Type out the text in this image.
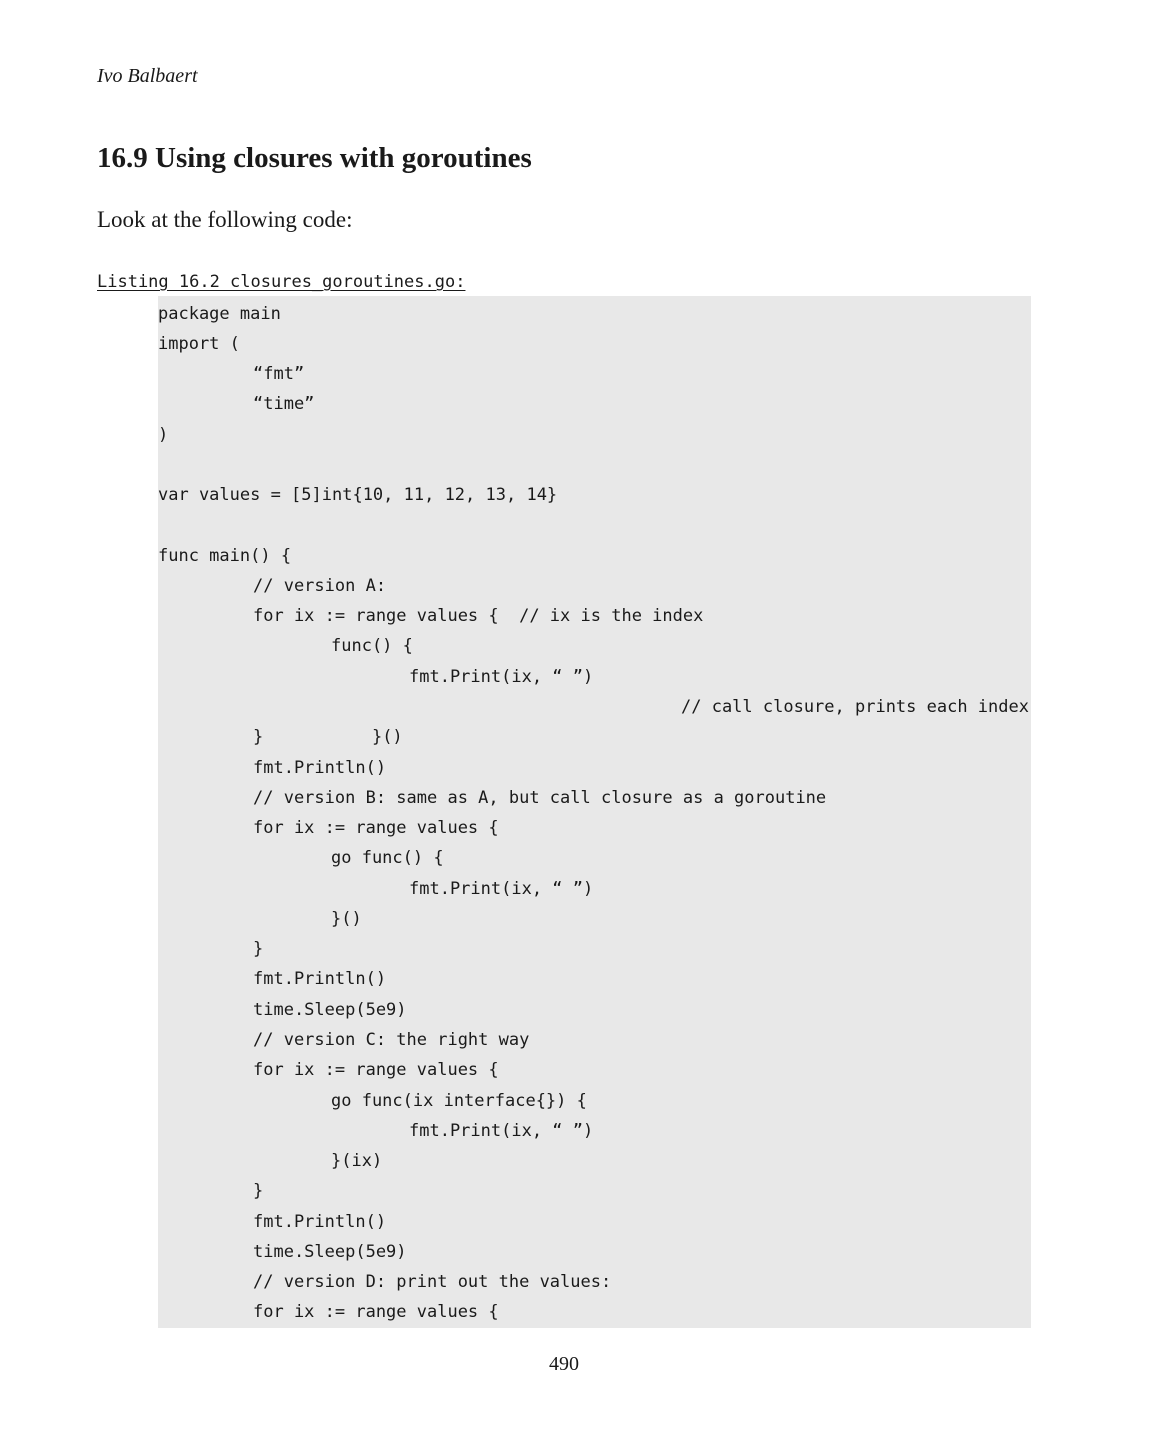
Ivo Balbaert

16.9 Using closures with goroutines

Look at the following code:

Listing 16.2 closures_goroutines.go:

package main
import (
“fmt”
“time”
)
var values = [5]int{10, 11, 12, 13, 14}
func main() {
// version A:
for ix := range values {  // ix is the index
func() {
fmt.Print(ix, “ ”)

}()

// call closure, prints each index

}
fmt.Println()
// version B: same as A, but call closure as a goroutine
for ix := range values {
go func() {
fmt.Print(ix, “ ”)
}()
}
fmt.Println()
time.Sleep(5e9)
// version C: the right way
for ix := range values {
go func(ix interface{}) {
fmt.Print(ix, “ ”)
}(ix)
}
fmt.Println()
time.Sleep(5e9)
// version D: print out the values:
for ix := range values {

490
